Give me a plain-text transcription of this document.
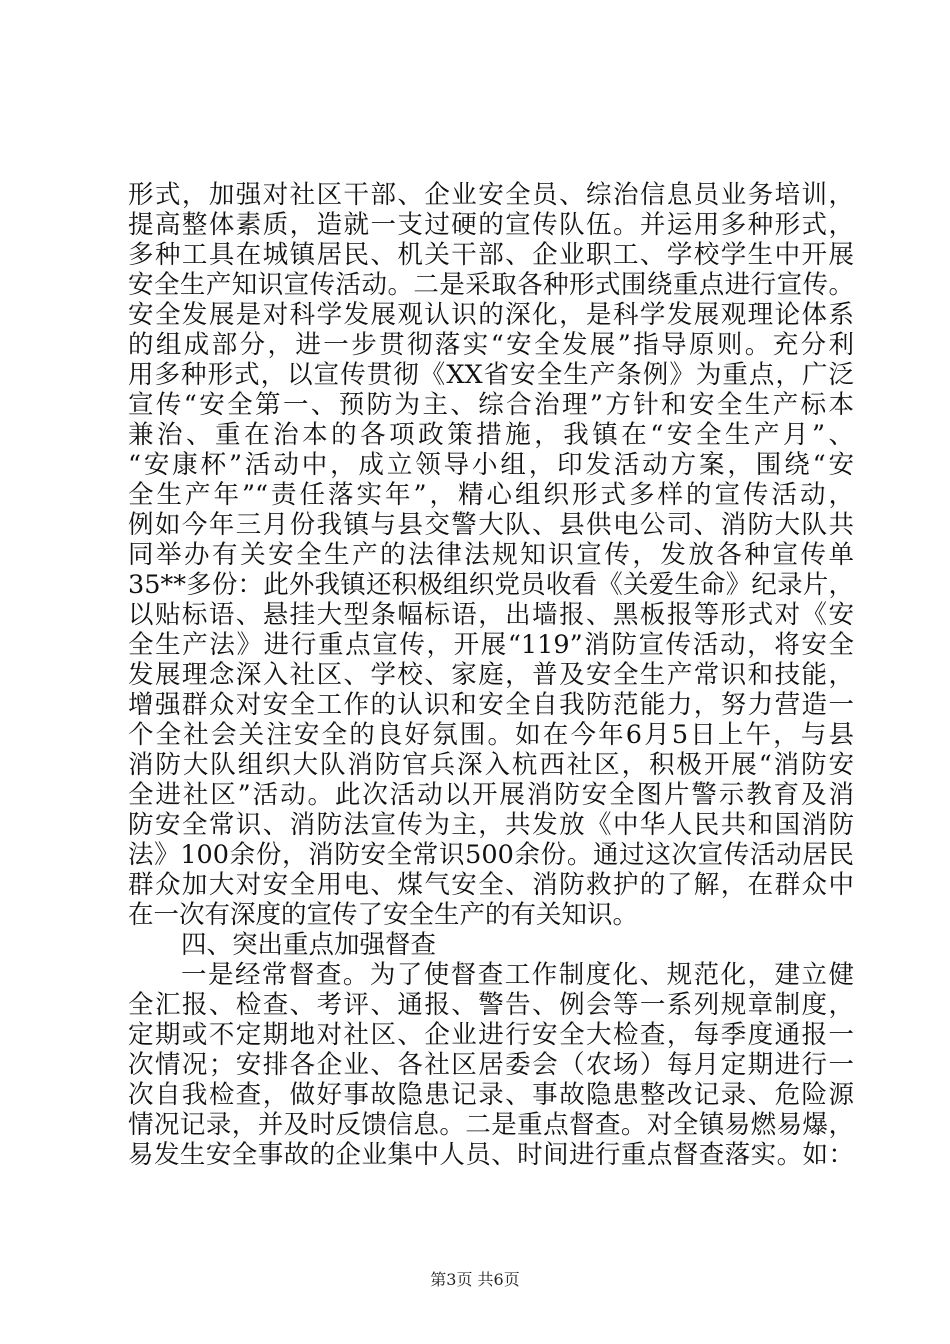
形式，加强对社区干部、企业安全员、综治信息员业务培训，
提高整体素质，造就一支过硬的宣传队伍。并运用多种形式，
多种工具在城镇居民、机关干部、企业职工、学校学生中开展
安全生产知识宣传活动。二是采取各种形式围绕重点进行宣传。
安全发展是对科学发展观认识的深化，是科学发展观理论体系
的组成部分，进一步贯彻落实“安全发展”指导原则。充分利
用多种形式，以宣传贯彻《XX省安全生产条例》为重点，广泛
宣传“安全第一、预防为主、综合治理”方针和安全生产标本
兼治、重在治本的各项政策措施，我镇在“安全生产月”、
“安康杯”活动中，成立领导小组，印发活动方案，围绕“安
全生产年”“责任落实年”，精心组织形式多样的宣传活动，
例如今年三月份我镇与县交警大队、县供电公司、消防大队共
同举办有关安全生产的法律法规知识宣传，发放各种宣传单
35**多份：此外我镇还积极组织党员收看《关爱生命》纪录片，
以贴标语、悬挂大型条幅标语，出墙报、黑板报等形式对《安
全生产法》进行重点宣传，开展“119”消防宣传活动，将安全
发展理念深入社区、学校、家庭，普及安全生产常识和技能，
增强群众对安全工作的认识和安全自我防范能力，努力营造一
个全社会关注安全的良好氛围。如在今年6月5日上午，与县
消防大队组织大队消防官兵深入杭西社区，积极开展“消防安
全进社区”活动。此次活动以开展消防安全图片警示教育及消
防安全常识、消防法宣传为主，共发放《中华人民共和国消防
法》100余份，消防安全常识500余份。通过这次宣传活动居民
群众加大对安全用电、煤气安全、消防救护的了解，在群众中
在一次有深度的宣传了安全生产的有关知识。
四、突出重点加强督查
一是经常督查。为了使督查工作制度化、规范化，建立健
全汇报、检查、考评、通报、警告、例会等一系列规章制度，
定期或不定期地对社区、企业进行安全大检查，每季度通报一
次情况；安排各企业、各社区居委会（农场）每月定期进行一
次自我检查，做好事故隐患记录、事故隐患整改记录、危险源
情况记录，并及时反馈信息。二是重点督查。对全镇易燃易爆，
易发生安全事故的企业集中人员、时间进行重点督查落实。如：
第3页 共6页
